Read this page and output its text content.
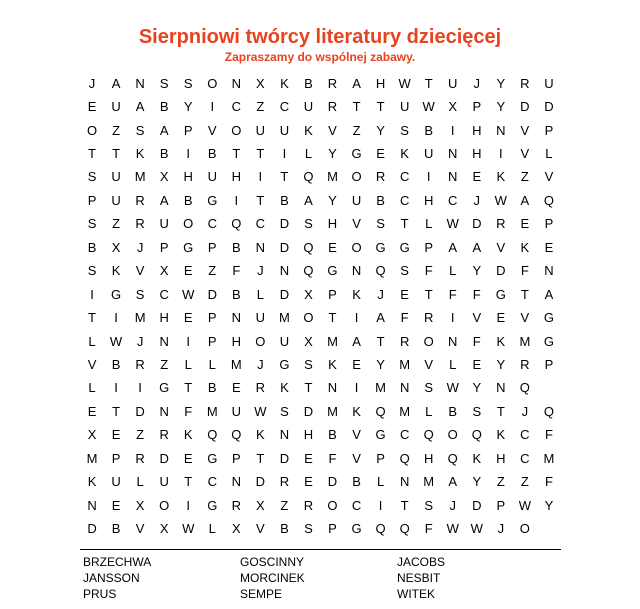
Sierpniowi twórcy literatury dziecięcej
Zapraszamy do wspólnej zabawy.
J	A	N	S	S	O	N	X	K	B	R	A	H	W	T	U	J	Y	R	U
E	U	A	B	Y	I	C	Z	C	U	R	T	T	U	W	X	P	Y	D	D
O	Z	S	A	P	V	O	U	U	K	V	Z	Y	S	B	I	H	N	V	P
T	T	K	B	I	B	T	T	I	L	Y	G	E	K	U	N	H	I	V	L
S	U	M	X	H	U	H	I	T	Q	M	O	R	C	I	N	E	K	Z	V
P	U	R	A	B	G	I	T	B	A	Y	U	B	C	H	C	J	W	A	Q
S	Z	R	U	O	C	Q	C	D	S	H	V	S	T	L	W	D	R	E	P
B	X	J	P	G	P	B	N	D	Q	E	O	G	G	P	A	A	V	K	E
S	K	V	X	E	Z	F	J	N	Q	G	N	Q	S	F	L	Y	D	F	N
I	G	S	C	W	D	B	L	D	X	P	K	J	E	T	F	F	G	T	A
T	I	M	H	E	P	N	U	M	O	T	I	A	F	R	I	V	E	V	G
L	W	J	N	I	P	H	O	U	X	M	A	T	R	O	N	F	K	M	G
V	B	R	Z	L	L	M	J	G	S	K	E	Y	M	V	L	E	Y	R	P
L	I	I	G	T	B	E	R	K	T	N	I	M	N	S	W	Y	N	Q
E	T	D	N	F	M	U	W	S	D	M	K	Q	M	L	B	S	T	J	Q
X	E	Z	R	K	Q	Q	K	N	H	B	V	G	C	Q	O	Q	K	C	F
M	P	R	D	E	G	P	T	D	E	F	V	P	Q	H	Q	K	H	C	M
K	U	L	U	T	C	N	D	R	E	D	B	L	N	M	A	Y	Z	Z	F
N	E	X	O	I	G	R	X	Z	R	O	C	I	T	S	J	D	P	W	Y
D	B	V	X	W	L	X	V	B	S	P	G	Q	Q	F	W W	J	O
BRZECHWA	GOSCINNY	JACOBS
JANSSON	MORCINEK	NESBIT
PRUS	SEMPE	WITEK
